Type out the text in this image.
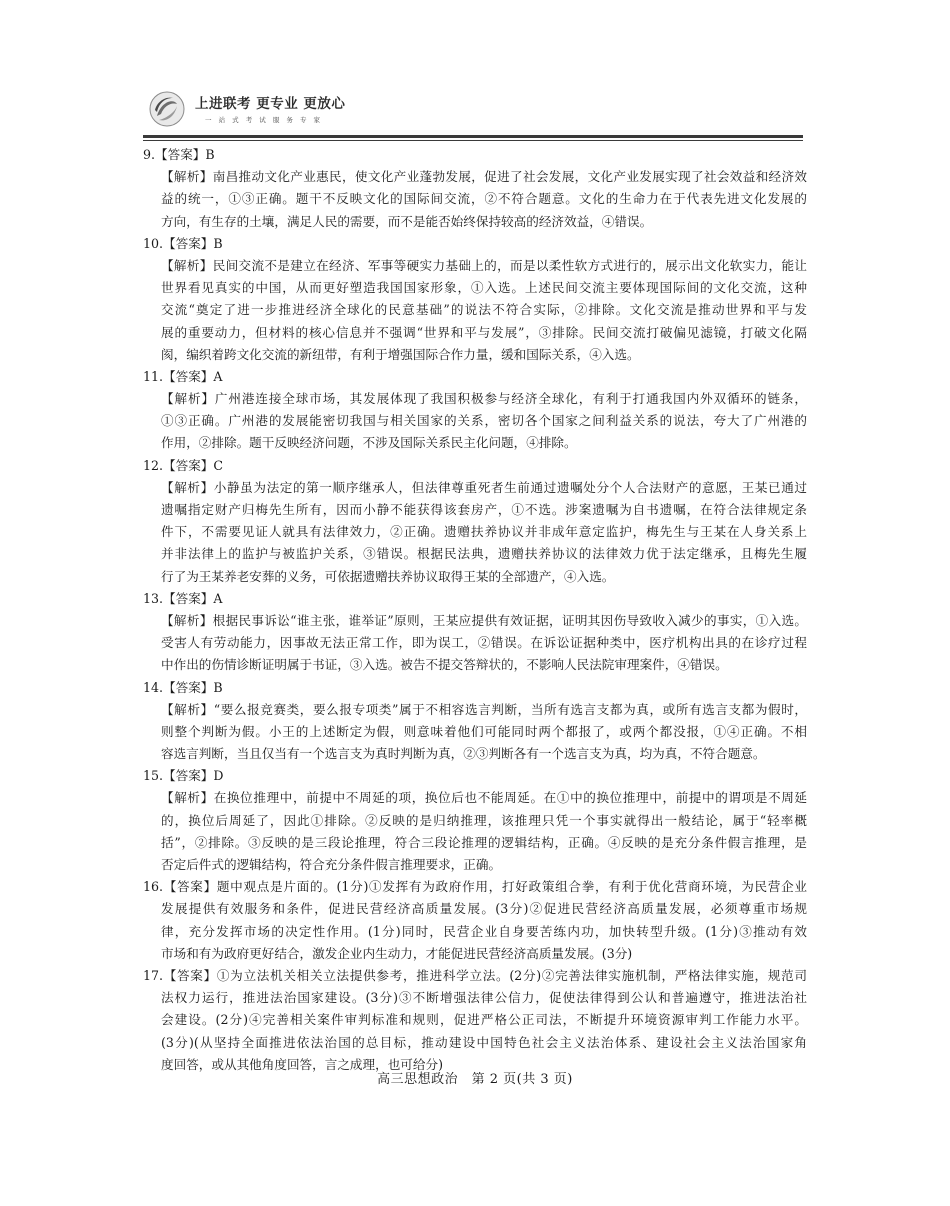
上进联考 更专业 更放心
一 站 式 考 试 服 务 专 家
9.【答案】B
【解析】南昌推动文化产业惠民，使文化产业蓬勃发展，促进了社会发展，文化产业发展实现了社会效益和经济效
益的统一，①③正确。题干不反映文化的国际间交流，②不符合题意。文化的生命力在于代表先进文化发展的
方向，有生存的土壤，满足人民的需要，而不是能否始终保持较高的经济效益，④错误。
10.【答案】B
【解析】民间交流不是建立在经济、军事等硬实力基础上的，而是以柔性软方式进行的，展示出文化软实力，能让
世界看见真实的中国，从而更好塑造我国国家形象，①入选。上述民间交流主要体现国际间的文化交流，这种
交流“奠定了进一步推进经济全球化的民意基础”的说法不符合实际，②排除。文化交流是推动世界和平与发
展的重要动力，但材料的核心信息并不强调“世界和平与发展”，③排除。民间交流打破偏见滤镜，打破文化隔
阂，编织着跨文化交流的新纽带，有利于增强国际合作力量，缓和国际关系，④入选。
11.【答案】A
【解析】广州港连接全球市场，其发展体现了我国积极参与经济全球化，有利于打通我国内外双循环的链条，
①③正确。广州港的发展能密切我国与相关国家的关系，密切各个国家之间利益关系的说法，夸大了广州港的
作用，②排除。题干反映经济问题，不涉及国际关系民主化问题，④排除。
12.【答案】C
【解析】小静虽为法定的第一顺序继承人，但法律尊重死者生前通过遗嘱处分个人合法财产的意愿，王某已通过
遗嘱指定财产归梅先生所有，因而小静不能获得该套房产，①不选。涉案遗嘱为自书遗嘱，在符合法律规定条
件下，不需要见证人就具有法律效力，②正确。遗赠扶养协议并非成年意定监护，梅先生与王某在人身关系上
并非法律上的监护与被监护关系，③错误。根据民法典，遗赠扶养协议的法律效力优于法定继承，且梅先生履
行了为王某养老安葬的义务，可依据遗赠扶养协议取得王某的全部遗产，④入选。
13.【答案】A
【解析】根据民事诉讼“谁主张，谁举证”原则，王某应提供有效证据，证明其因伤导致收入减少的事实，①入选。
受害人有劳动能力，因事故无法正常工作，即为误工，②错误。在诉讼证据种类中，医疗机构出具的在诊疗过程
中作出的伤情诊断证明属于书证，③入选。被告不提交答辩状的，不影响人民法院审理案件，④错误。
14.【答案】B
【解析】“要么报竞赛类，要么报专项类”属于不相容选言判断，当所有选言支都为真，或所有选言支都为假时，
则整个判断为假。小王的上述断定为假，则意味着他们可能同时两个都报了，或两个都没报，①④正确。不相
容选言判断，当且仅当有一个选言支为真时判断为真，②③判断各有一个选言支为真，均为真，不符合题意。
15.【答案】D
【解析】在换位推理中，前提中不周延的项，换位后也不能周延。在①中的换位推理中，前提中的谓项是不周延
的，换位后周延了，因此①排除。②反映的是归纳推理，该推理只凭一个事实就得出一般结论，属于“轻率概
括”，②排除。③反映的是三段论推理，符合三段论推理的逻辑结构，正确。④反映的是充分条件假言推理，是
否定后件式的逻辑结构，符合充分条件假言推理要求，正确。
16.【答案】题中观点是片面的。(1分)①发挥有为政府作用，打好政策组合拳，有利于优化营商环境，为民营企业
发展提供有效服务和条件，促进民营经济高质量发展。(3分)②促进民营经济高质量发展，必须尊重市场规
律，充分发挥市场的决定性作用。(1分)同时，民营企业自身要苦练内功，加快转型升级。(1分)③推动有效
市场和有为政府更好结合，激发企业内生动力，才能促进民营经济高质量发展。(3分)
17.【答案】①为立法机关相关立法提供参考，推进科学立法。(2分)②完善法律实施机制，严格法律实施，规范司
法权力运行，推进法治国家建设。(3分)③不断增强法律公信力，促使法律得到公认和普遍遵守，推进法治社
会建设。(2分)④完善相关案件审判标准和规则，促进严格公正司法，不断提升环境资源审判工作能力水平。
(3分)(从坚持全面推进依法治国的总目标，推动建设中国特色社会主义法治体系、建设社会主义法治国家角
度回答，或从其他角度回答，言之成理，也可给分)
高三思想政治　第 2 页(共 3 页)
